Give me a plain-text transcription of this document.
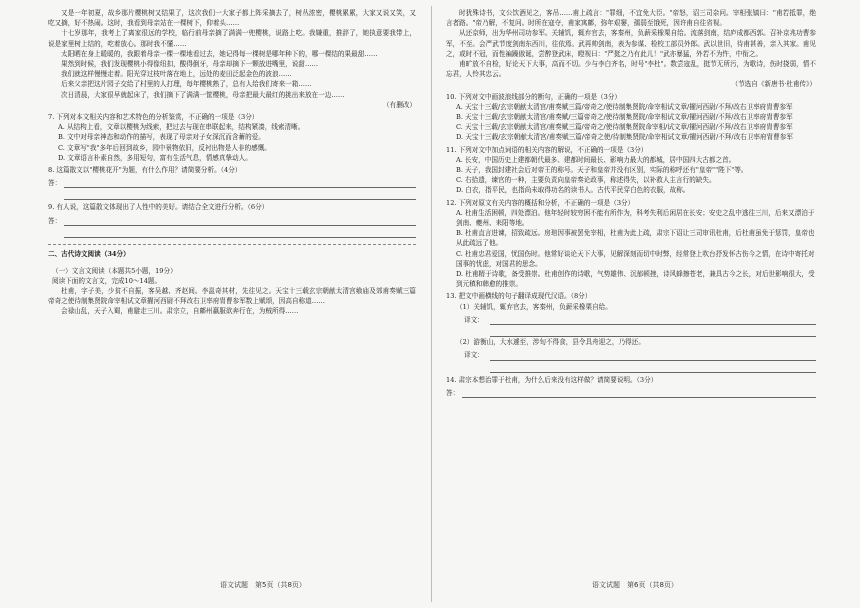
又是一年初夏，故乡那片樱桃树又结果了，这次我们一大家子都上阵采摘去了，树丛浓密，樱桃累累，大家又说又笑，又吃又摘，好不热闹。这时，我看到母亲站在一棵树下，仰着头……

十七岁那年，我考上了离家很远的学校，临行前母亲摘了满满一兜樱桃，说路上吃。我嫌重，推辞了，她执意要我带上，说是家里树上结的，吃着放心。那时我不懂……

太阳晒在身上暖暖的，我跟着母亲一棵一棵地看过去，她记得每一棵树是哪年种下的，哪一棵结的果最甜……

果然到时候，我们发现樱桃小得像纽扣，酸得倒牙，母亲却摘下一颗放进嘴里，说甜……

我们就这样慢慢走着。阳光穿过枝叶落在地上，远处的麦田泛起金色的波浪……

后来父亲把这片园子交给了村里的人打理，每年樱桃熟了，总有人给我们寄来一箱……

次日清晨，大家很早就起床了，我们摘下了满满一筐樱桃，母亲把最大最红的挑出来放在一边……

（有删改）

7. 下列对本文相关内容和艺术特色的分析鉴赏，不正确的一项是（3分）

A. 从结构上看，文章以樱桃为线索，把过去与现在串联起来，结构紧凑，线索清晰。

B. 文中对母亲神态和动作的描写，表现了母亲对子女深沉而含蓄的爱。

C. 文章写"我"多年后回到故乡，园中景物依旧，反衬出物是人非的感慨。

D. 文章语言朴素自然，多用短句，富有生活气息，情感真挚动人。

8. 这篇散文以"樱桃花开"为题，有什么作用？请简要分析。（4分）

答：

9. 有人说，这篇散文体现出了人性中的美好。请结合全文进行分析。（6分）

答：

二、古代诗文阅读（34分）

（一）文言文阅读（本题共5小题，19分）

阅读下面的文言文，完成10～14题。

杜甫，字子美，少贫不自振，客吴越、齐赵间。李邕奇其材，先往见之。天宝十三载玄宗朝献太清宫飨庙及郊甫奏赋三篇帝奇之使待制集贤院命宰相试文章擢河西尉不拜改右卫率府胄曹参军数上赋颂，因高自称道……

会禄山乱，天子入蜀，甫避走三川。肃宗立，自鄜州羸服欲奔行在，为贼所得……

时犹殊诗书，文公饮酒见之，客吊……甫上疏言："罪细，不宜免大臣。"帝怒，诏三司杂问。宰相张镐曰："甫若抵罪，绝言者路。"帝乃解，不复问。时所在寇夺，甫家寓鄜，弥年艰窭，孺弱至饿死，因许甫自往省视。

从还京师，出为华州司功参军。关辅饥，辄弃官去，客秦州，负薪采橡栗自给。流落剑南，结庐成都西郭。召补京兆功曹参军，不至。会严武节度剑南东西川，往依焉。武再帅剑南，表为参谋、检校工部员外郎。武以世旧，待甫甚善，亲入其家。甫见之，或时不冠，而性褊躁傲诞，尝醉登武床，瞪视曰："严挺之乃有此儿！"武亦暴猛，外若不为忤，中衔之。

甫旷放不自检，好论天下大事，高而不切。少与李白齐名，时号"李杜"。数尝寇乱，挺节无所污，为歌诗，伤时挠弱，情不忘君，人怜其忠云。

（节选自《新唐书·杜甫传》）

10. 下列对文中画波浪线部分的断句，正确的一项是（3分）

A. 天宝十三载/玄宗朝献太清宫/甫奏赋三篇/帝奇之/使待制集贤院/命宰相试文章/擢河西尉/不拜/改右卫率府胄曹参军

B. 天宝十三载/玄宗朝献太清宫/甫奏赋/三篇帝奇之/使待制集贤院/命宰相试文章/擢河西尉/不拜/改右卫率府胄曹参军

C. 天宝十三载/玄宗朝献太清宫/甫奏赋三篇/帝奇之/使待制集贤院命宰相/试文章/擢河西尉/不拜/改右卫率府胄曹参军

D. 天宝十三载/玄宗朝献太清宫/甫奏赋三篇/帝奇之使/待制集贤院/命宰相试文章/擢河西尉/不拜/改右卫率府胄曹参军

11. 下列对文中加点词语的相关内容的解说，不正确的一项是（3分）

A. 长安，中国历史上建都朝代最多、建都时间最长、影响力最大的都城，居中国四大古都之首。

B. 天子，我国封建社会后对帝王的称号。天子和皇帝并没有区别，实际的称呼还有"皇帝""陛下"等。

C. 右拾遗，谏官的一种，主要负责向皇帝奏论政事，称述得失，以补救人主言行的缺失。

D. 白衣，指平民，也指尚未取得功名的读书人。古代平民穿白色的衣服，故称。

12. 下列对原文有关内容的概括和分析，不正确的一项是（3分）

A. 杜甫生活困顿，四处漂泊。他年轻时较穷困不能有所作为，科考失利后闲居在长安；安史之乱中逃往三川，后来又漂泊于剑南、夔州、耒阳等地。

B. 杜甫直言进谏，招致疏远。房琯因事被罢免宰相，杜甫为此上疏，肃宗下诏让三司审讯杜甫，后杜甫虽免于惩罚，皇帝也从此疏远了他。

C. 杜甫忠君爱国，忧国伤时。他常好谈论天下大事，见解深刻而切中时弊，经常登上吹台抒发怀古伤今之情，在诗中寄托对国事的忧虑，对国君的思念。

D. 杜甫精于诗歌，备受推崇。杜甫创作的诗歌，气势雄伟、沉郁顿挫，诗风蜂擦苍老，兼具古今之长，对后世影响很大，受到元稹和韩愈的推崇。

13. 把文中画横线的句子翻译成现代汉语。（8分）

（1）关辅饥，辄弃官去，客秦州，负薪采橡栗自给。

译文：

（2）游衡山，大水遽至，涉旬不得食，县令具舟迎之，乃得还。

译文：

14. 肃宗本想治罪于杜甫，为什么后来没有这样做？请简要说明。（3分）

答：
语文试题　第5页（共8页）	语文试题　第6页（共8页）
